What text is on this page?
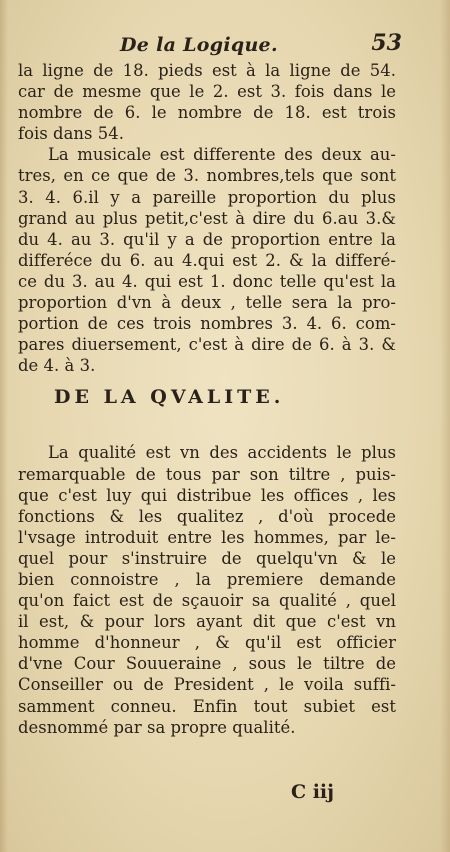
De la Logique.	53
la ligne de 18. pieds est à la ligne de 54.
car de mesme que le 2. est 3. fois dans le
nombre de 6. le nombre de 18. est trois
fois dans 54.
La musicale est differente des deux au-
tres, en ce que de 3. nombres,tels que sont
3. 4. 6.il y a pareille proportion du plus
grand au plus petit,c'est à dire du 6.au 3.&
du 4. au 3. qu'il y a de proportion entre la
differéce du 6. au 4.qui est 2. & la differé-
ce du 3. au 4. qui est 1. donc telle qu'est la
proportion d'vn à deux , telle sera la pro-
portion de ces trois nombres 3. 4. 6. com-
pares diuersement, c'est à dire de 6. à 3. &
de 4. à 3.
DE LA QVALITE.
La qualité est vn des accidents le plus
remarquable de tous par son tiltre , puis-
que c'est luy qui distribue les offices , les
fonctions & les qualitez , d'où procede
l'vsage introduit entre les hommes, par le-
quel pour s'instruire de quelqu'vn & le
bien connoistre , la premiere demande
qu'on faict est de sçauoir sa qualité , quel
il est, & pour lors ayant dit que c'est vn
homme d'honneur , & qu'il est officier
d'vne Cour Souueraine , sous le tiltre de
Conseiller ou de President , le voila suffi-
samment conneu. Enfin tout subiet est
desnommé par sa propre qualité.
C iij
